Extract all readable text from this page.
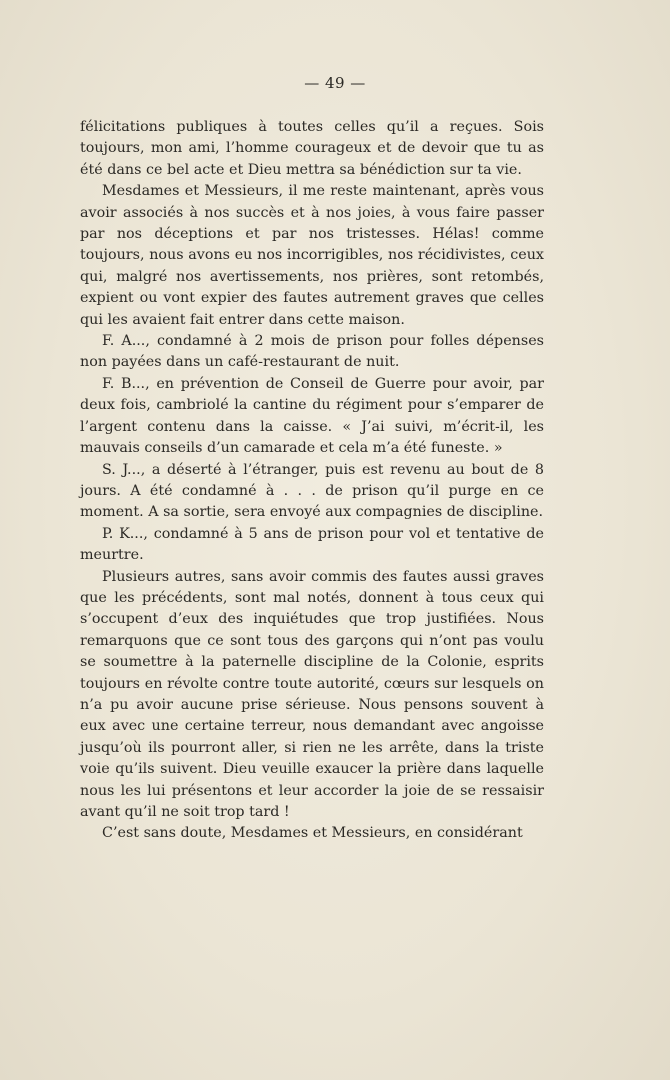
— 49 —

félicitations publiques à toutes celles qu’il a reçues. Sois toujours, mon ami, l’homme courageux et de devoir que tu as été dans ce bel acte et Dieu mettra sa bénédiction sur ta vie.

Mesdames et Messieurs, il me reste maintenant, après vous avoir associés à nos succès et à nos joies, à vous faire passer par nos déceptions et par nos tristesses. Hélas! comme toujours, nous avons eu nos incorrigibles, nos récidivistes, ceux qui, malgré nos avertissements, nos prières, sont retombés, expient ou vont expier des fautes autrement graves que celles qui les avaient fait entrer dans cette maison.

F. A..., condamné à 2 mois de prison pour folles dépenses non payées dans un café-restaurant de nuit.

F. B..., en prévention de Conseil de Guerre pour avoir, par deux fois, cambriolé la cantine du régiment pour s’emparer de l’argent contenu dans la caisse. « J’ai suivi, m’écrit-il, les mauvais conseils d’un camarade et cela m’a été funeste. »

S. J..., a déserté à l’étranger, puis est revenu au bout de 8 jours. A été condamné à . . . de prison qu’il purge en ce moment. A sa sortie, sera envoyé aux compagnies de discipline.

P. K..., condamné à 5 ans de prison pour vol et tentative de meurtre.

Plusieurs autres, sans avoir commis des fautes aussi graves que les précédents, sont mal notés, donnent à tous ceux qui s’occupent d’eux des inquiétudes que trop justifiées. Nous remarquons que ce sont tous des garçons qui n’ont pas voulu se soumettre à la paternelle discipline de la Colonie, esprits toujours en révolte contre toute autorité, cœurs sur lesquels on n’a pu avoir aucune prise sérieuse. Nous pensons souvent à eux avec une certaine terreur, nous demandant avec angoisse jusqu’où ils pourront aller, si rien ne les arrête, dans la triste voie qu’ils suivent. Dieu veuille exaucer la prière dans laquelle nous les lui présentons et leur accorder la joie de se ressaisir avant qu’il ne soit trop tard !

C’est sans doute, Mesdames et Messieurs, en considérant
